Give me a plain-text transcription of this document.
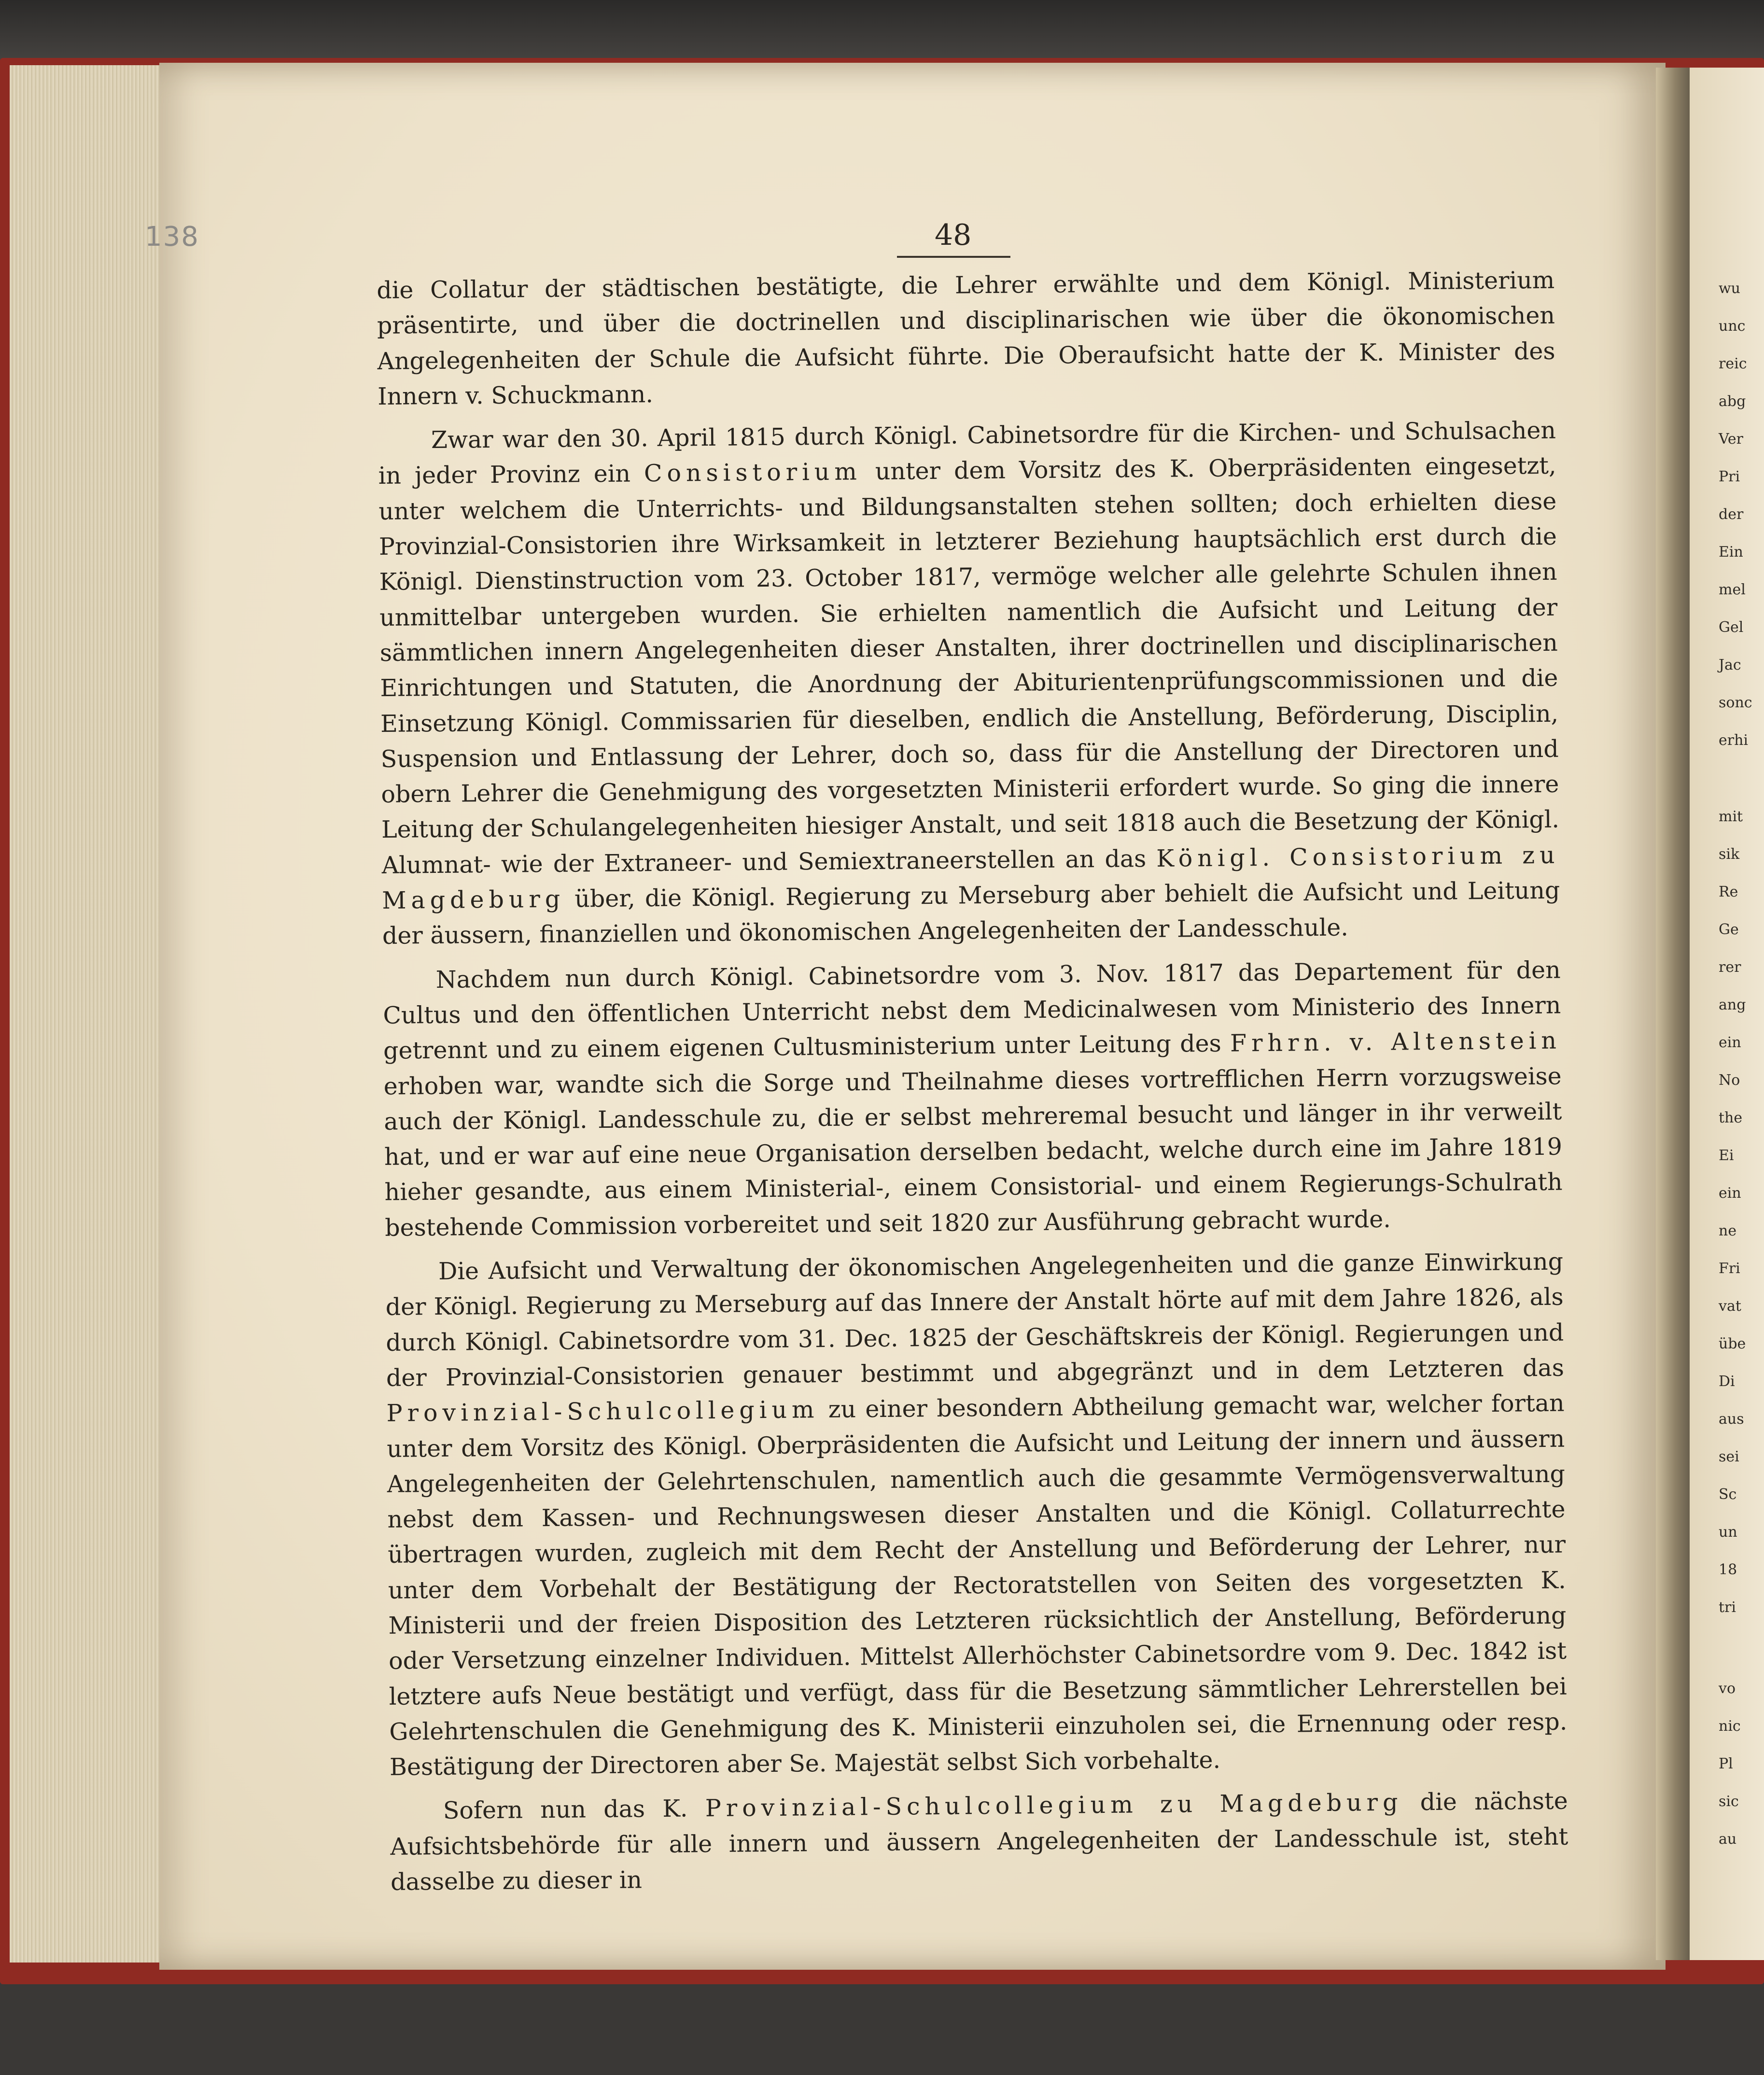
wu
unc
reic
abg
Ver
Pri
der
Ein
mel
Gel
Jac
sonc
erhi
mit
sik
Re
Ge
rer
ang
ein
No
the
Ei
ein
ne
Fri
vat
übe
Di
aus
sei
Sc
un
18
tri
vo
nic
Pl
sic
au
138	48

die Collatur der städtischen bestätigte, die Lehrer erwählte und dem Königl. Ministerium präsentirte, und über die doctrinellen und disciplinarischen wie über die ökonomischen Angelegenheiten der Schule die Aufsicht führte. Die Oberaufsicht hatte der K. Minister des Innern v. Schuckmann.

Zwar war den 30. April 1815 durch Königl. Cabinetsordre für die Kirchen- und Schulsachen in jeder Provinz ein Consistorium unter dem Vorsitz des K. Oberpräsidenten eingesetzt, unter welchem die Unterrichts- und Bildungsanstalten stehen sollten; doch erhielten diese Provinzial-Consistorien ihre Wirksamkeit in letzterer Beziehung hauptsächlich erst durch die Königl. Dienstinstruction vom 23. October 1817, vermöge welcher alle gelehrte Schulen ihnen unmittelbar untergeben wurden. Sie erhielten namentlich die Aufsicht und Leitung der sämmtlichen innern Angelegenheiten dieser Anstalten, ihrer doctrinellen und disciplinarischen Einrichtungen und Statuten, die Anordnung der Abiturientenprüfungscommissionen und die Einsetzung Königl. Commissarien für dieselben, endlich die Anstellung, Beförderung, Disciplin, Suspension und Entlassung der Lehrer, doch so, dass für die Anstellung der Directoren und obern Lehrer die Genehmigung des vorgesetzten Ministerii erfordert wurde. So ging die innere Leitung der Schulangelegenheiten hiesiger Anstalt, und seit 1818 auch die Besetzung der Königl. Alumnat- wie der Extraneer- und Semiextraneerstellen an das Königl. Consistorium zu Magdeburg über, die Königl. Regierung zu Merseburg aber behielt die Aufsicht und Leitung der äussern, finanziellen und ökonomischen Angelegenheiten der Landesschule.

Nachdem nun durch Königl. Cabinetsordre vom 3. Nov. 1817 das Departement für den Cultus und den öffentlichen Unterricht nebst dem Medicinalwesen vom Ministerio des Innern getrennt und zu einem eigenen Cultusministerium unter Leitung des Frhrn. v. Altenstein erhoben war, wandte sich die Sorge und Theilnahme dieses vortrefflichen Herrn vorzugsweise auch der Königl. Landesschule zu, die er selbst mehreremal besucht und länger in ihr verweilt hat, und er war auf eine neue Organisation derselben bedacht, welche durch eine im Jahre 1819 hieher gesandte, aus einem Ministerial-, einem Consistorial- und einem Regierungs-Schulrath bestehende Commission vorbereitet und seit 1820 zur Ausführung gebracht wurde.

Die Aufsicht und Verwaltung der ökonomischen Angelegenheiten und die ganze Einwirkung der Königl. Regierung zu Merseburg auf das Innere der Anstalt hörte auf mit dem Jahre 1826, als durch Königl. Cabinetsordre vom 31. Dec. 1825 der Geschäftskreis der Königl. Regierungen und der Provinzial-Consistorien genauer bestimmt und abgegränzt und in dem Letzteren das Provinzial-Schulcollegium zu einer besondern Abtheilung gemacht war, welcher fortan unter dem Vorsitz des Königl. Oberpräsidenten die Aufsicht und Leitung der innern und äussern Angelegenheiten der Gelehrtenschulen, namentlich auch die gesammte Vermögensverwaltung nebst dem Kassen- und Rechnungswesen dieser Anstalten und die Königl. Collaturrechte übertragen wurden, zugleich mit dem Recht der Anstellung und Beförderung der Lehrer, nur unter dem Vorbehalt der Bestätigung der Rectoratstellen von Seiten des vorgesetzten K. Ministerii und der freien Disposition des Letzteren rücksichtlich der Anstellung, Beförderung oder Versetzung einzelner Individuen. Mittelst Allerhöchster Cabinetsordre vom 9. Dec. 1842 ist letztere aufs Neue bestätigt und verfügt, dass für die Besetzung sämmtlicher Lehrerstellen bei Gelehrtenschulen die Genehmigung des K. Ministerii einzuholen sei, die Ernennung oder resp. Bestätigung der Directoren aber Se. Majestät selbst Sich vorbehalte.

Sofern nun das K. Provinzial-Schulcollegium zu Magdeburg die nächste Aufsichtsbehörde für alle innern und äussern Angelegenheiten der Landesschule ist, steht dasselbe zu dieser in
